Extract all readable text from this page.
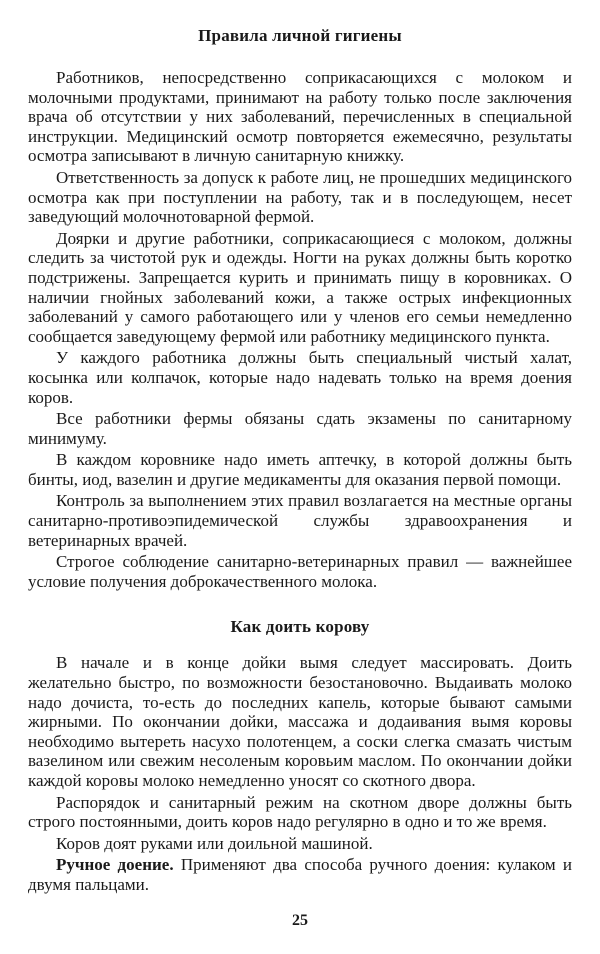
Правила личной гигиены

Работников, непосредственно соприкасающихся с молоком и молочными продуктами, принимают на работу только после заключения врача об отсутствии у них заболеваний, перечисленных в специальной инструкции. Медицинский осмотр повторяется ежемесячно, результаты осмотра записывают в личную санитарную книжку.

Ответственность за допуск к работе лиц, не прошедших медицинского осмотра как при поступлении на работу, так и в последующем, несет заведующий молочнотоварной фермой.

Доярки и другие работники, соприкасающиеся с молоком, должны следить за чистотой рук и одежды. Ногти на руках должны быть коротко подстрижены. Запрещается курить и принимать пищу в коровниках. О наличии гнойных заболеваний кожи, а также острых инфекционных заболеваний у самого работающего или у членов его семьи немедленно сообщается заведующему фермой или работнику медицинского пункта.

У каждого работника должны быть специальный чистый халат, косынка или колпачок, которые надо надевать только на время доения коров.

Все работники фермы обязаны сдать экзамены по санитарному минимуму.

В каждом коровнике надо иметь аптечку, в которой должны быть бинты, иод, вазелин и другие медикаменты для оказания первой помощи.

Контроль за выполнением этих правил возлагается на местные органы санитарно-противоэпидемической службы здравоохранения и ветеринарных врачей.

Строгое соблюдение санитарно-ветеринарных правил — важнейшее условие получения доброкачественного молока.

Как доить корову

В начале и в конце дойки вымя следует массировать. Доить желательно быстро, по возможности безостановочно. Выдаивать молоко надо дочиста, то-есть до последних капель, которые бывают самыми жирными. По окончании дойки, массажа и додаивания вымя коровы необходимо вытереть насухо полотенцем, а соски слегка смазать чистым вазелином или свежим несоленым коровьим маслом. По окончании дойки каждой коровы молоко немедленно уносят со скотного двора.

Распорядок и санитарный режим на скотном дворе должны быть строго постоянными, доить коров надо регулярно в одно и то же время.

Коров доят руками или доильной машиной.

Ручное доение. Применяют два способа ручного доения: кулаком и двумя пальцами.

25
